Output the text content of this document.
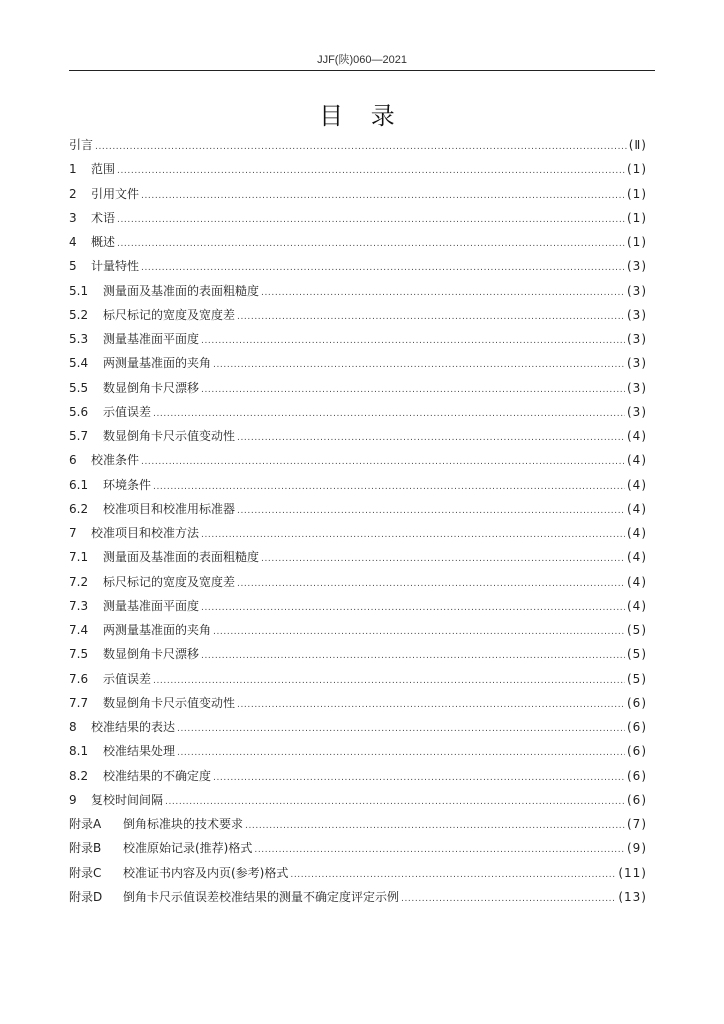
JJF(陕)060—2021
目 录
引言 .....	(Ⅱ)
1	范围 .....	(1)
2	引用文件 .....	(1)
3	术语 .....	(1)
4	概述 .....	(1)
5	计量特性 .....	(3)
5.1	测量面及基准面的表面粗糙度 .....	(3)
5.2	标尺标记的宽度及宽度差 .....	(3)
5.3	测量基准面平面度 .....	(3)
5.4	两测量基准面的夹角 .....	(3)
5.5	数显倒角卡尺漂移 .....	(3)
5.6	示值误差 .....	(3)
5.7	数显倒角卡尺示值变动性 .....	(4)
6	校准条件 .....	(4)
6.1	环境条件 .....	(4)
6.2	校准项目和校准用标准器 .....	(4)
7	校准项目和校准方法 .....	(4)
7.1	测量面及基准面的表面粗糙度 .....	(4)
7.2	标尺标记的宽度及宽度差 .....	(4)
7.3	测量基准面平面度 .....	(4)
7.4	两测量基准面的夹角 .....	(5)
7.5	数显倒角卡尺漂移 .....	(5)
7.6	示值误差 .....	(5)
7.7	数显倒角卡尺示值变动性 .....	(6)
8	校准结果的表达 .....	(6)
8.1	校准结果处理 .....	(6)
8.2	校准结果的不确定度 .....	(6)
9	复校时间间隔 .....	(6)
附录A	倒角标准块的技术要求 .....	(7)
附录B	校准原始记录(推荐)格式 .....	(9)
附录C	校准证书内容及内页(参考)格式 .....	(11)
附录D	倒角卡尺示值误差校准结果的测量不确定度评定示例 .....	(13)
